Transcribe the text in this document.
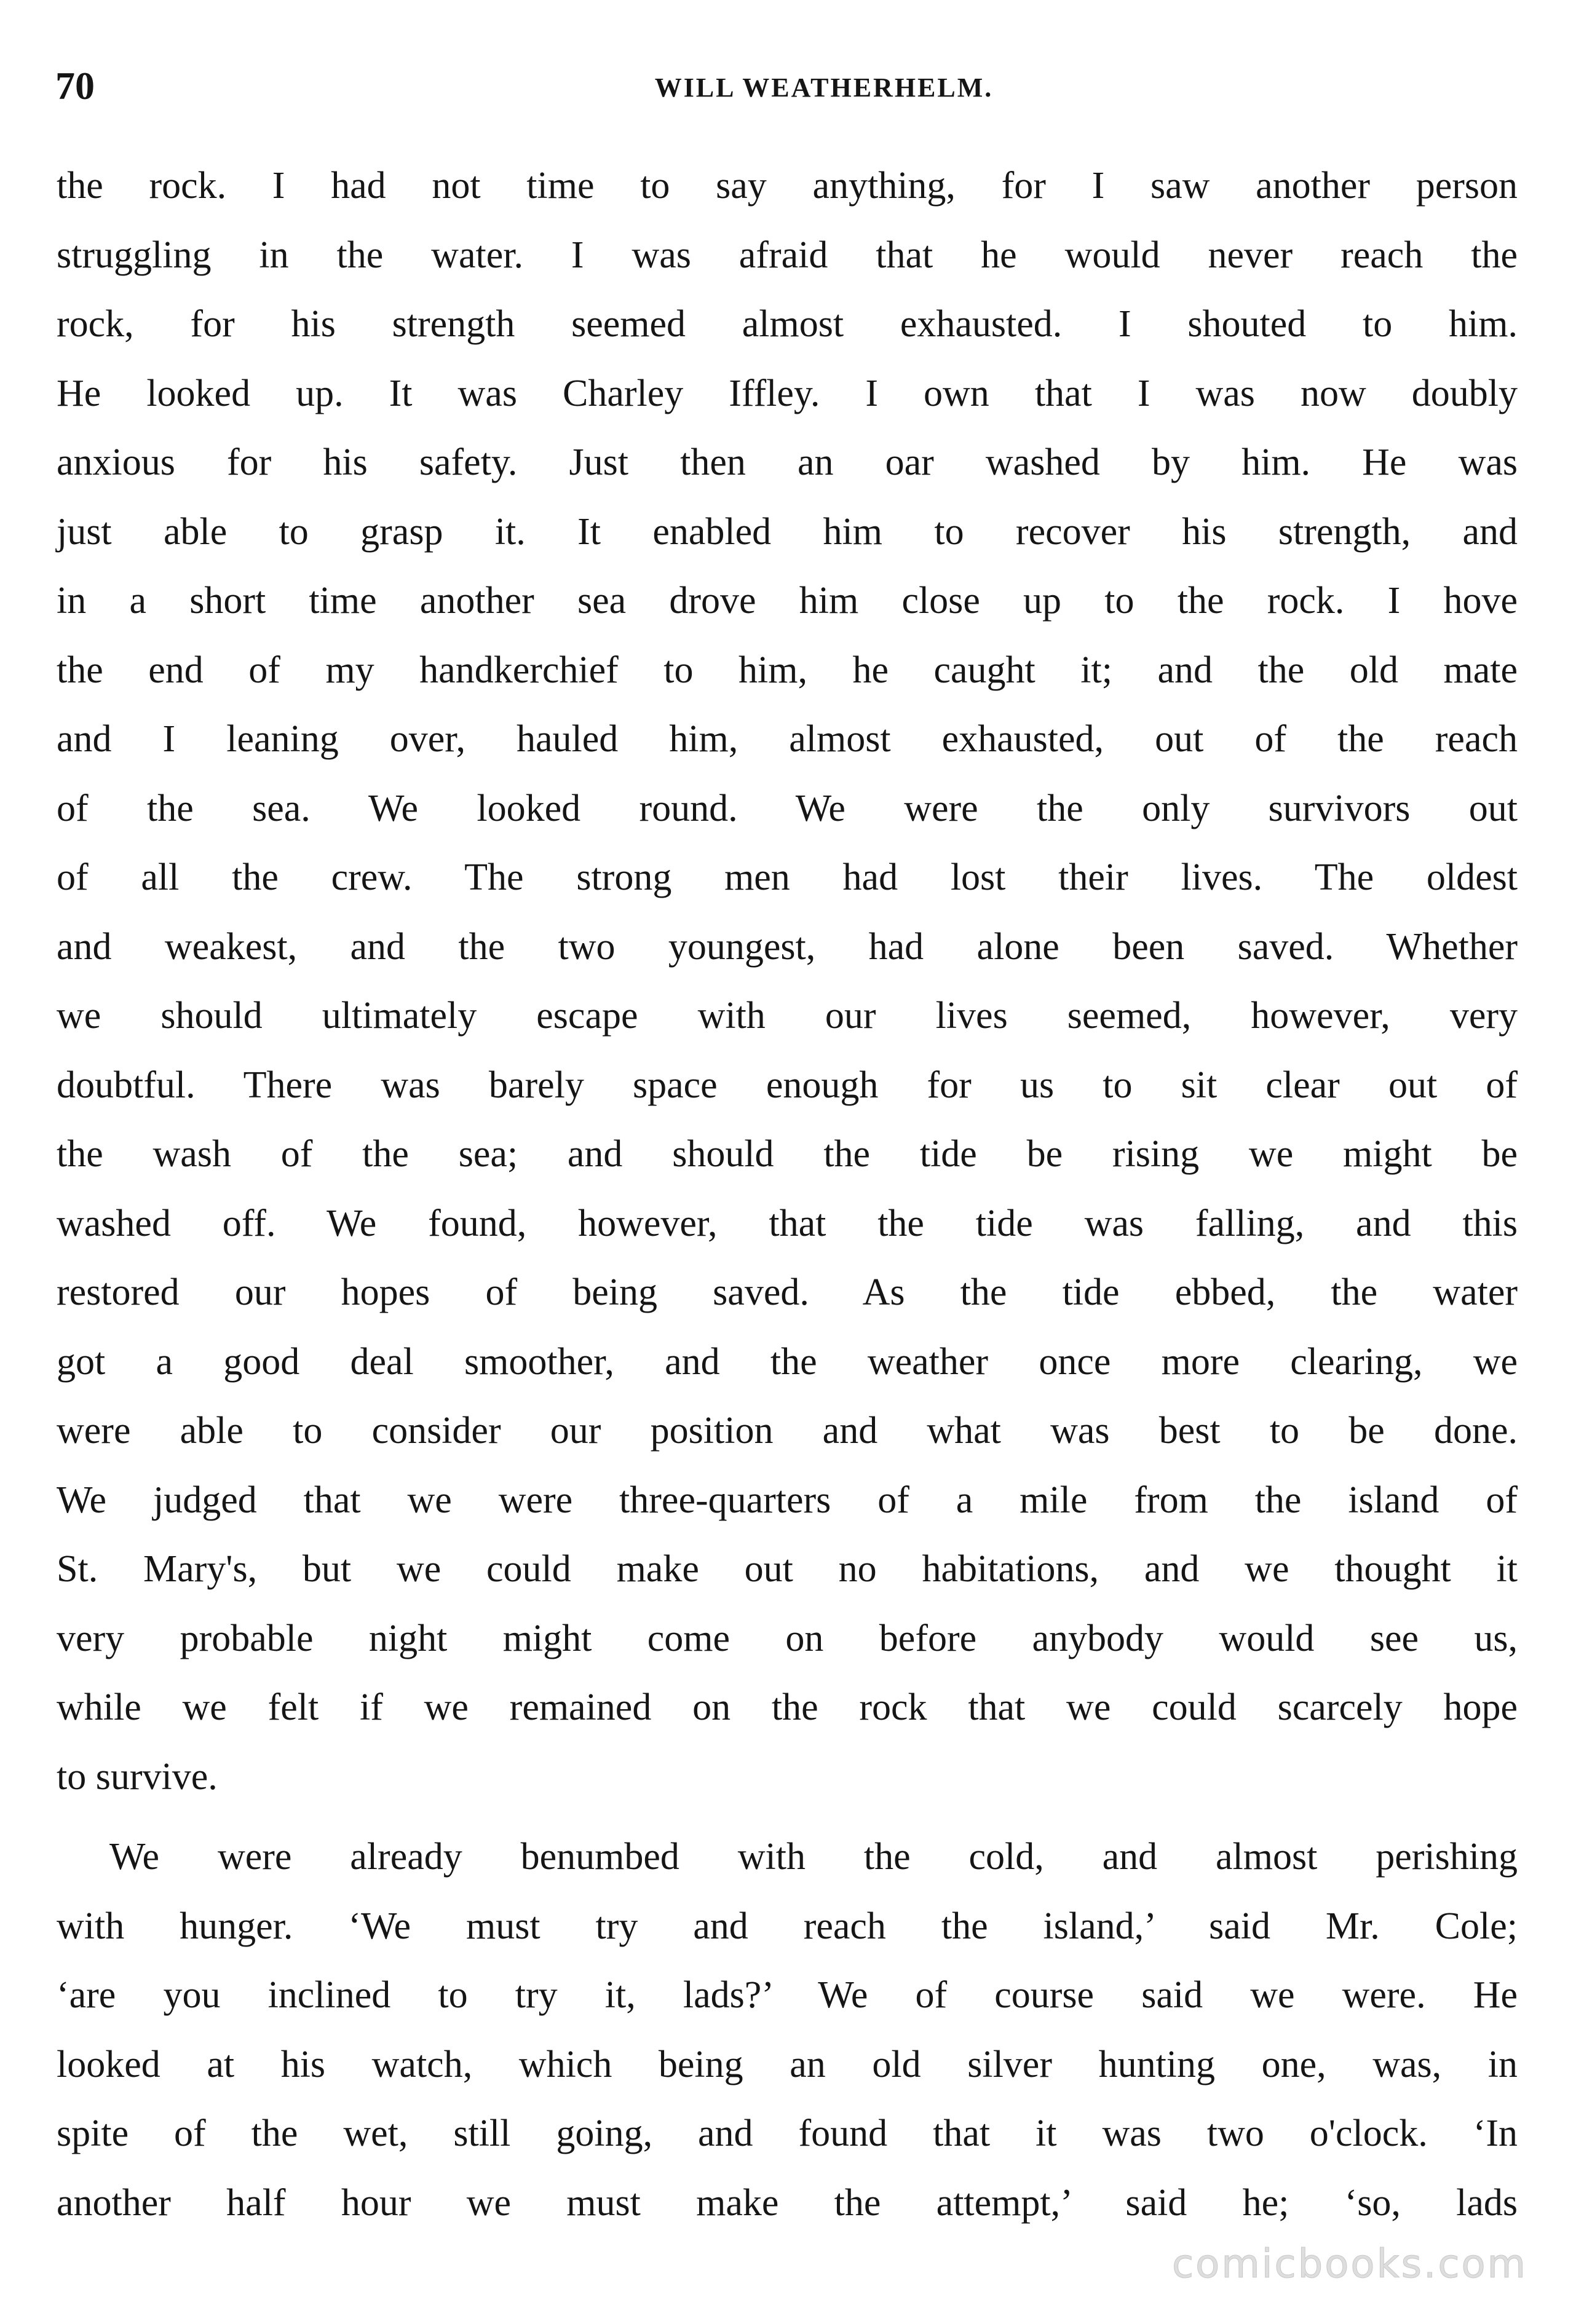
70	WILL WEATHERHELM.
the rock. I had not time to say anything, for I saw another person
struggling in the water. I was afraid that he would never reach the
rock, for his strength seemed almost exhausted. I shouted to him.
He looked up. It was Charley Iffley. I own that I was now doubly
anxious for his safety. Just then an oar washed by him. He was
just able to grasp it. It enabled him to recover his strength, and
in a short time another sea drove him close up to the rock. I hove
the end of my handkerchief to him, he caught it; and the old mate
and I leaning over, hauled him, almost exhausted, out of the reach
of the sea. We looked round. We were the only survivors out
of all the crew. The strong men had lost their lives. The oldest
and weakest, and the two youngest, had alone been saved. Whether
we should ultimately escape with our lives seemed, however, very
doubtful. There was barely space enough for us to sit clear out of
the wash of the sea; and should the tide be rising we might be
washed off. We found, however, that the tide was falling, and this
restored our hopes of being saved. As the tide ebbed, the water
got a good deal smoother, and the weather once more clearing, we
were able to consider our position and what was best to be done.
We judged that we were three-quarters of a mile from the island of
St. Mary's, but we could make out no habitations, and we thought it
very probable night might come on before anybody would see us,
while we felt if we remained on the rock that we could scarcely hope
to survive.
We were already benumbed with the cold, and almost perishing
with hunger. ‘We must try and reach the island,’ said Mr. Cole;
‘are you inclined to try it, lads?’ We of course said we were. He
looked at his watch, which being an old silver hunting one, was, in
spite of the wet, still going, and found that it was two o'clock. ‘In
another half hour we must make the attempt,’ said he; ‘so, lads
comicbooks.com
